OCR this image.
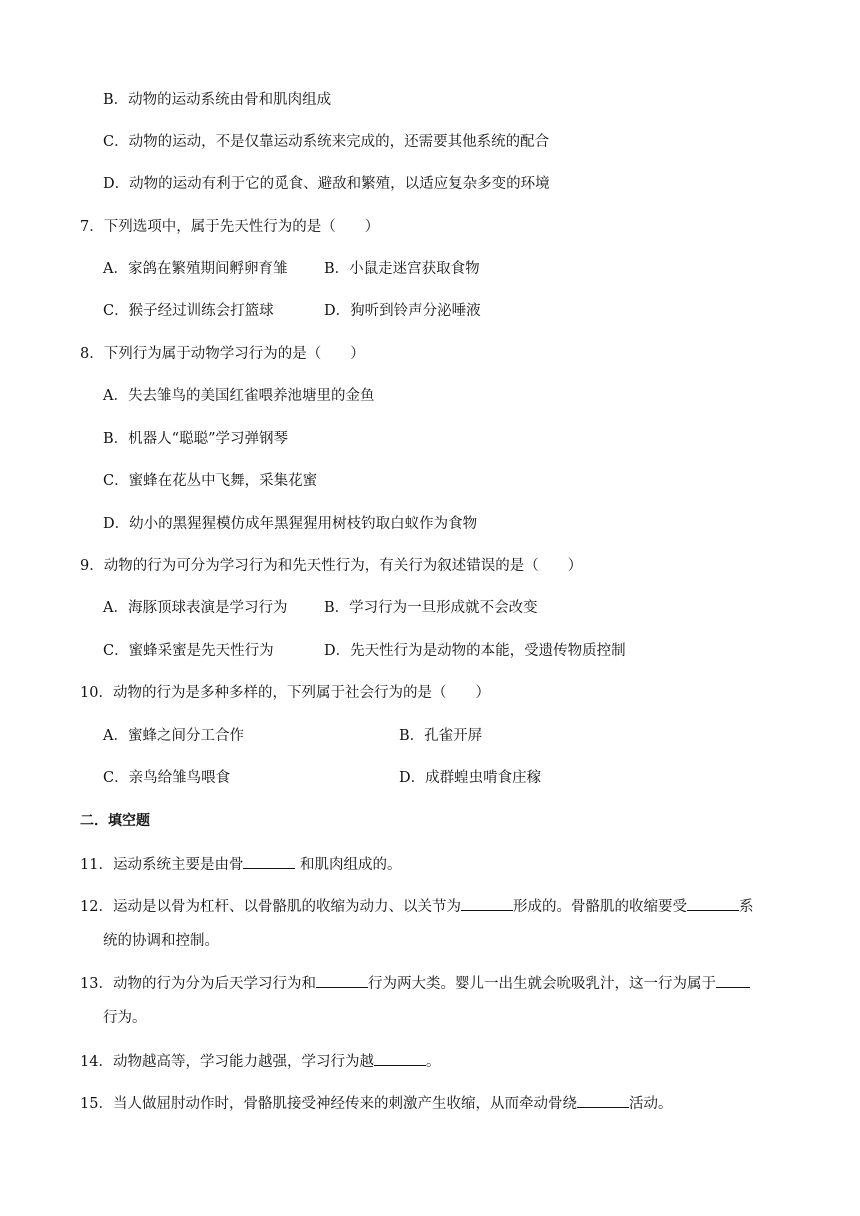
B．动物的运动系统由骨和肌肉组成
C．动物的运动，不是仅靠运动系统来完成的，还需要其他系统的配合
D．动物的运动有利于它的觅食、避敌和繁殖，以适应复杂多变的环境
7．下列选项中，属于先天性行为的是（　　）
A．家鸽在繁殖期间孵卵育雏	B．小鼠走迷宫获取食物
C．猴子经过训练会打篮球	D．狗听到铃声分泌唾液
8．下列行为属于动物学习行为的是（　　）
A．失去雏鸟的美国红雀喂养池塘里的金鱼
B．机器人“聪聪”学习弹钢琴
C．蜜蜂在花丛中飞舞，采集花蜜
D．幼小的黑猩猩模仿成年黑猩猩用树枝钓取白蚁作为食物
9．动物的行为可分为学习行为和先天性行为，有关行为叙述错误的是（　　）
A．海豚顶球表演是学习行为	B．学习行为一旦形成就不会改变
C．蜜蜂采蜜是先天性行为	D．先天性行为是动物的本能，受遗传物质控制
10．动物的行为是多种多样的，下列属于社会行为的是（　　）
A．蜜蜂之间分工合作	B．孔雀开屏
C．亲鸟给雏鸟喂食	D．成群蝗虫啃食庄稼
二．填空题
11．运动系统主要是由骨	和肌肉组成的。
12．运动是以骨为杠杆、以骨骼肌的收缩为动力、以关节为	形成的。骨骼肌的收缩要受	系
统的协调和控制。
13．动物的行为分为后天学习行为和	行为两大类。婴儿一出生就会吮吸乳汁，这一行为属于
行为。
14．动物越高等，学习能力越强，学习行为越	。
15．当人做屈肘动作时，骨骼肌接受神经传来的刺激产生收缩，从而牵动骨绕	活动。
